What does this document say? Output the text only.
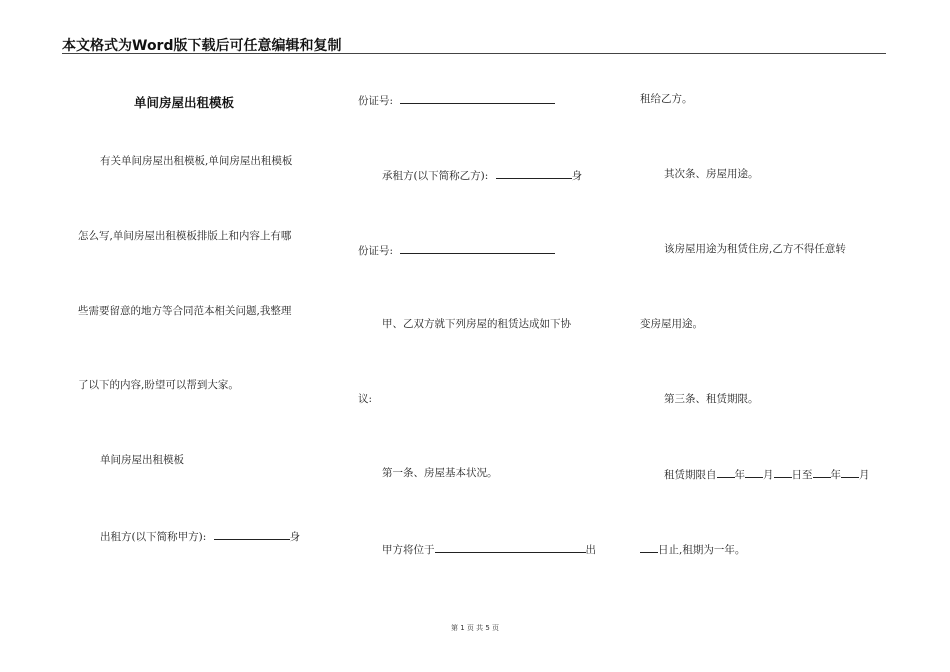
本文格式为Word版下载后可任意编辑和复制
单间房屋出租模板
有关单间房屋出租模板,单间房屋出租模板
怎么写,单间房屋出租模板排版上和内容上有哪
些需要留意的地方等合同范本相关问题,我整理
了以下的内容,盼望可以帮到大家。
单间房屋出租模板
出租方(以下简称甲方):	身
份证号:
承租方(以下简称乙方):	身
份证号:
甲、乙双方就下列房屋的租赁达成如下协
议:
第一条、房屋基本状况。
甲方将位于	出
租给乙方。
其次条、房屋用途。
该房屋用途为租赁住房,乙方不得任意转
变房屋用途。
第三条、租赁期限。
租赁期限自 年 月 日至 年 月
日止,租期为一年。
第 1 页 共 5 页
